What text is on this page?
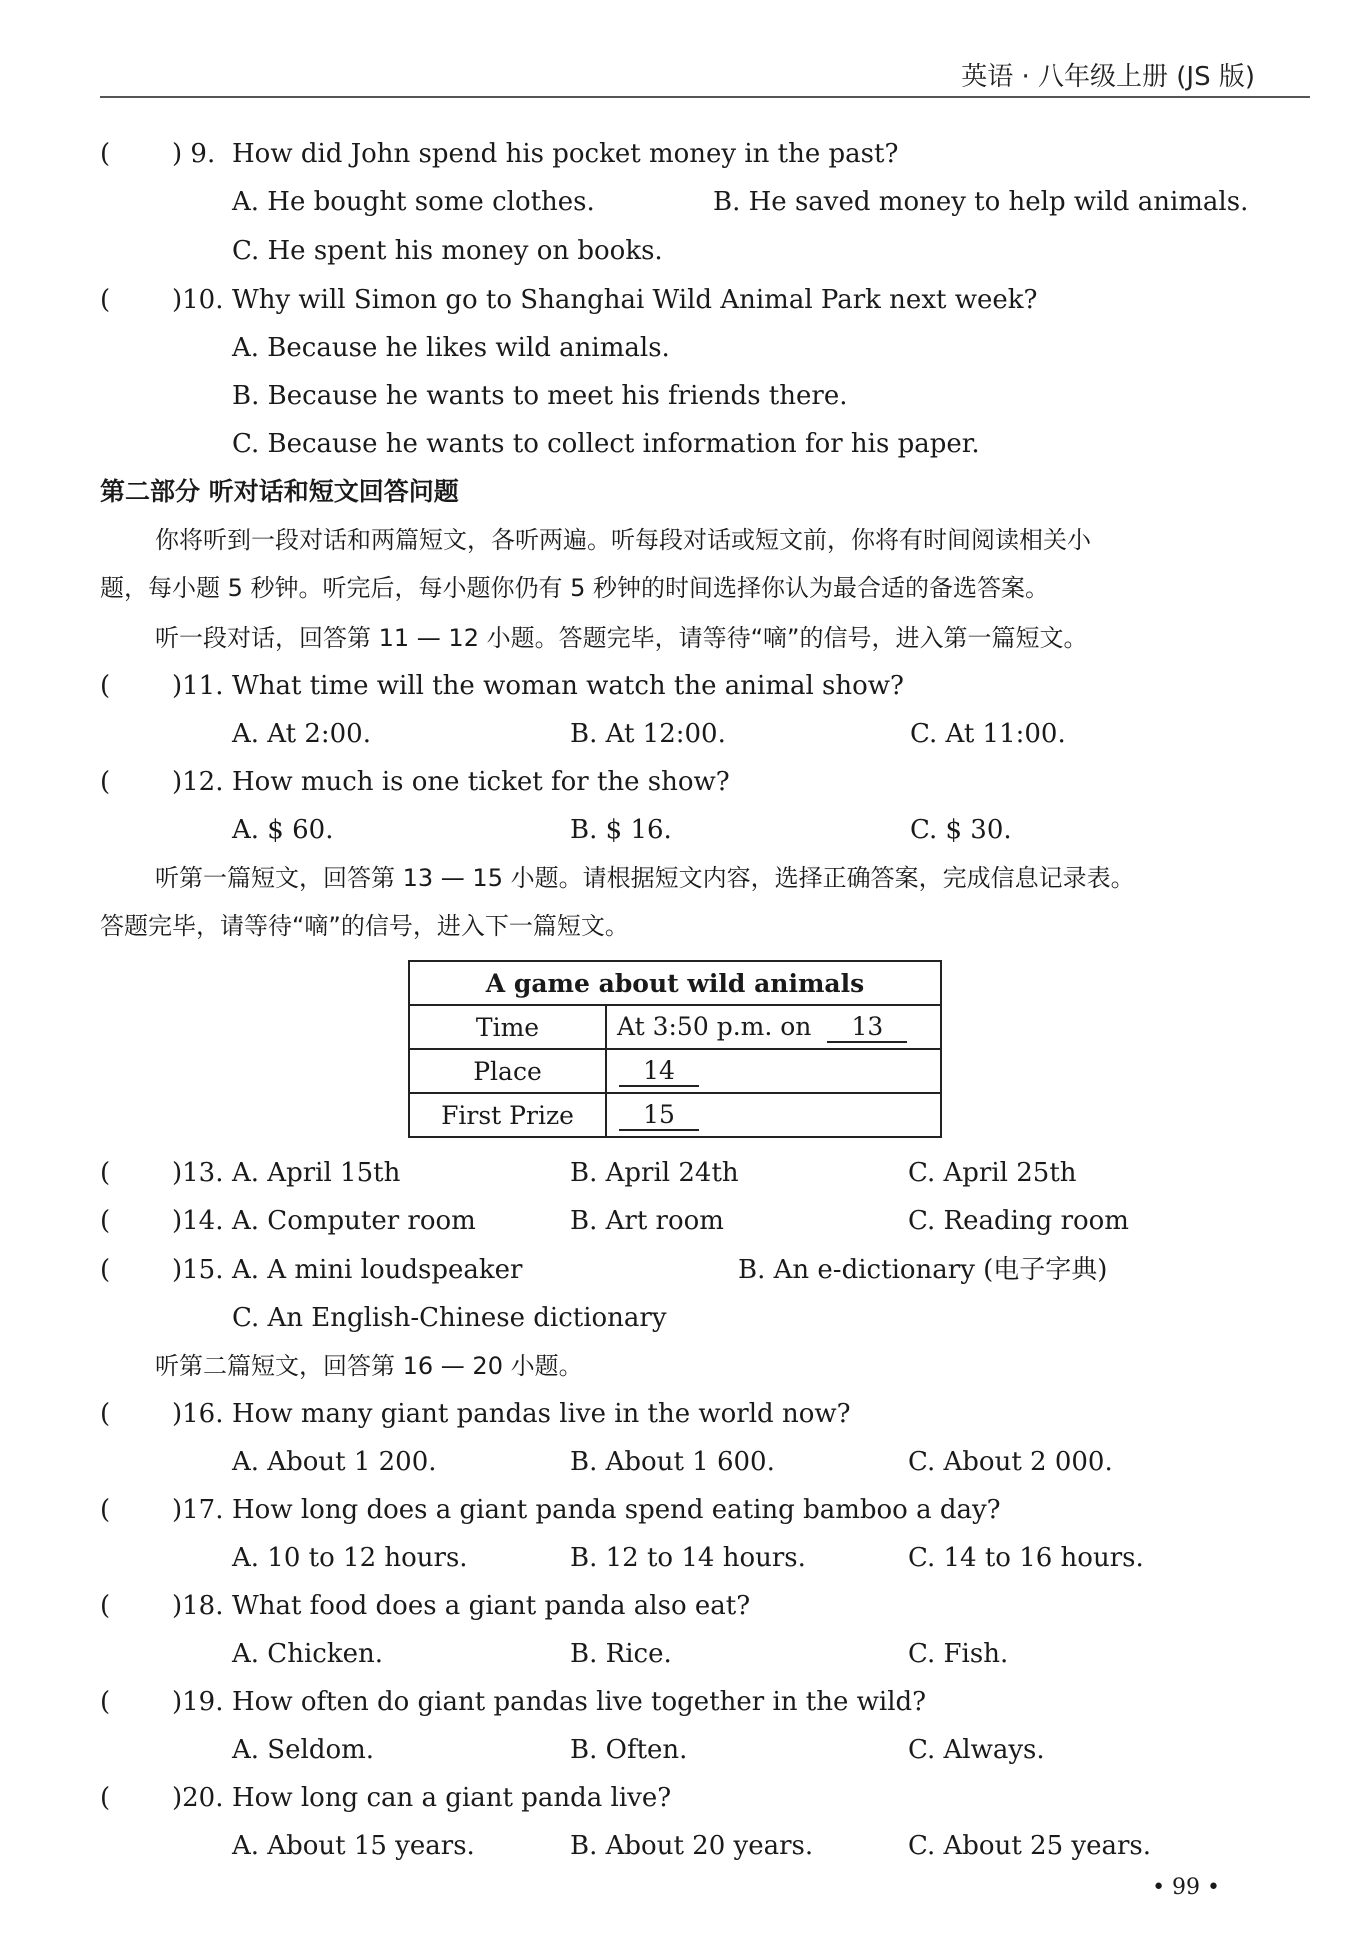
英语 · 八年级上册 (JS 版)
( ) 9. How did John spend his pocket money in the past?
A. He bought some clothes.	B. He saved money to help wild animals.
C. He spent his money on books.
( )10. Why will Simon go to Shanghai Wild Animal Park next week?
A. Because he likes wild animals.
B. Because he wants to meet his friends there.
C. Because he wants to collect information for his paper.
第二部分 听对话和短文回答问题
你将听到一段对话和两篇短文，各听两遍。听每段对话或短文前，你将有时间阅读相关小
题，每小题 5 秒钟。听完后，每小题你仍有 5 秒钟的时间选择你认为最合适的备选答案。
听一段对话，回答第 11 — 12 小题。答题完毕，请等待“嘀”的信号，进入第一篇短文。
( )11. What time will the woman watch the animal show?
A. At 2:00.	B. At 12:00.	C. At 11:00.
( )12. How much is one ticket for the show?
A. $ 60.	B. $ 16.	C. $ 30.
听第一篇短文，回答第 13 — 15 小题。请根据短文内容，选择正确答案，完成信息记录表。
答题完毕，请等待“嘀”的信号，进入下一篇短文。
A game about wild animals	
Time	At 3:50 p.m. on 13
Place	14
First Prize	15
( )13. A. April 15th	B. April 24th	C. April 25th
( )14. A. Computer room	B. Art room	C. Reading room
( )15. A. A mini loudspeaker	B. An e-dictionary (电子字典)
C. An English-Chinese dictionary
听第二篇短文，回答第 16 — 20 小题。
( )16. How many giant pandas live in the world now?
A. About 1 200.	B. About 1 600.	C. About 2 000.
( )17. How long does a giant panda spend eating bamboo a day?
A. 10 to 12 hours.	B. 12 to 14 hours.	C. 14 to 16 hours.
( )18. What food does a giant panda also eat?
A. Chicken.	B. Rice.	C. Fish.
( )19. How often do giant pandas live together in the wild?
A. Seldom.	B. Often.	C. Always.
( )20. How long can a giant panda live?
A. About 15 years.	B. About 20 years.	C. About 25 years.
• 99 •
